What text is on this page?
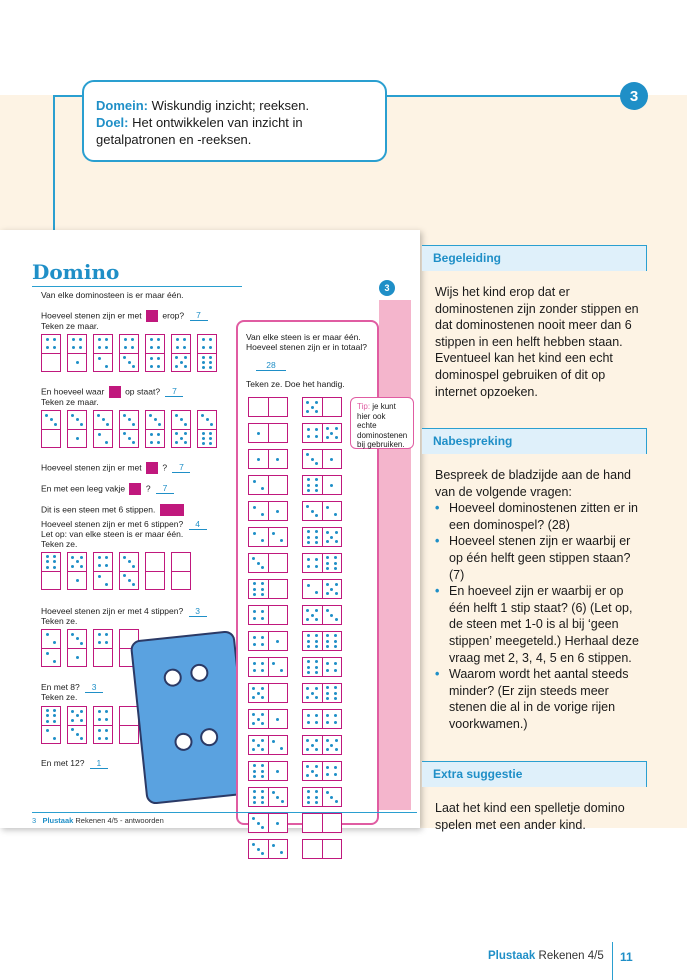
3
Domein: Wiskundig inzicht; reeksen.
Doel: Het ontwikkelen van inzicht in getalpatronen en -reeksen.
Domino
3
Van elke dominosteen is er maar één.
Hoeveel stenen zijn er met erop? 7
Teken ze maar.
En hoeveel waar op staat? 7
Teken ze maar.
Hoeveel stenen zijn er met  ? 7
En met een leeg vakje  ? 7
Dit is een steen met 6 stippen.
Hoeveel stenen zijn er met 6 stippen? 4
Let op: van elke steen is er maar één.
Teken ze.
Hoeveel stenen zijn er met 4 stippen? 3
Teken ze.
En met 8? 3
Teken ze.
En met 12? 1
Van elke steen is er maar één.
Hoeveel stenen zijn er in totaal?
28
Teken ze. Doe het handig.
Tip: je kunt hier ook echte dominostenen bij gebruiken.
3 Plustaak Rekenen 4/5 - antwoorden
Begeleiding
Wijs het kind erop dat er dominostenen zijn zonder stippen en dat dominostenen nooit meer dan 6 stippen in een helft hebben staan. Eventueel kan het kind een echt dominospel gebruiken of dit op internet opzoeken.
Nabespreking
Bespreek de bladzijde aan de hand van de volgende vragen:
• Hoeveel dominostenen zitten er in een dominospel? (28)
• Hoeveel stenen zijn er waarbij er op één helft geen stippen staan? (7)
• En hoeveel zijn er waarbij er op één helft 1 stip staat? (6) (Let op, de steen met 1-0 is al bij ‘geen stippen’ meegeteld.) Herhaal deze vraag met 2, 3, 4, 5 en 6 stippen.
• Waarom wordt het aantal steeds minder? (Er zijn steeds meer stenen die al in de vorige rijen voorkwamen.)
Extra suggestie
Laat het kind een spelletje domino spelen met een ander kind.
Plustaak Rekenen 4/5 11
